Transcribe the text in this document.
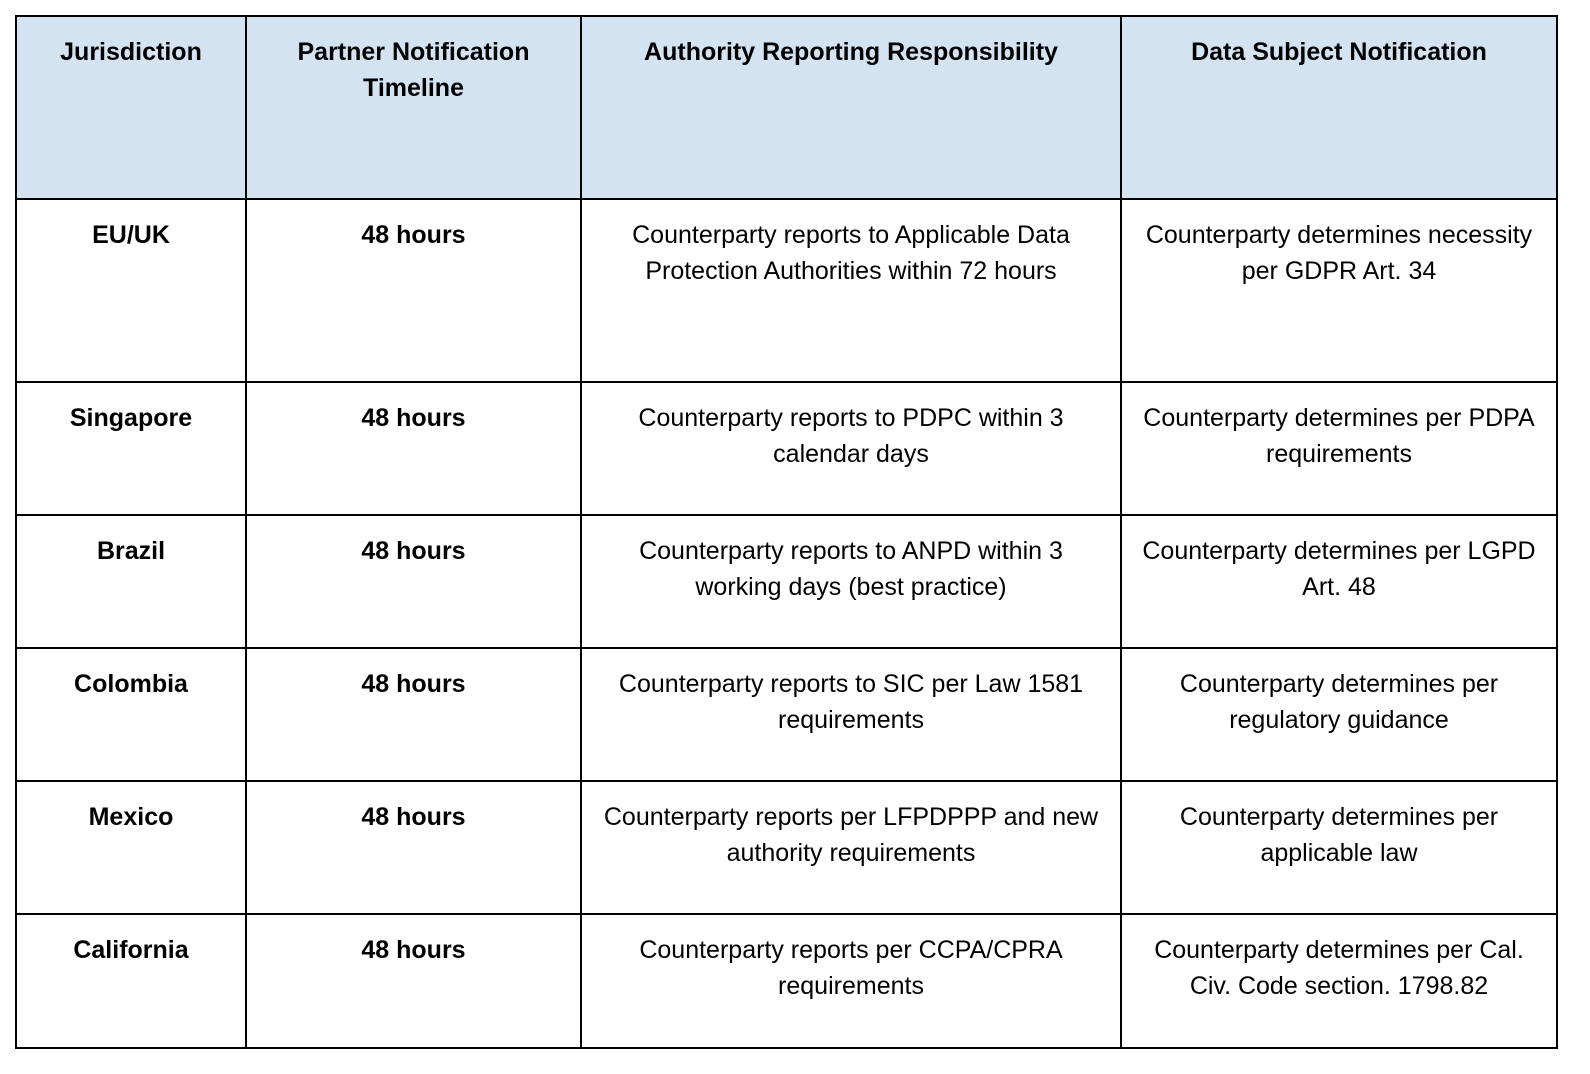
Jurisdiction	Partner Notification Timeline	Authority Reporting Responsibility	Data Subject Notification
EU/UK	48 hours	Counterparty reports to Applicable Data Protection Authorities within 72 hours	Counterparty determines necessity per GDPR Art. 34
Singapore	48 hours	Counterparty reports to PDPC within 3 calendar days	Counterparty determines per PDPA requirements
Brazil	48 hours	Counterparty reports to ANPD within 3 working days (best practice)	Counterparty determines per LGPD Art. 48
Colombia	48 hours	Counterparty reports to SIC per Law 1581 requirements	Counterparty determines per regulatory guidance
Mexico	48 hours	Counterparty reports per LFPDPPP and new authority requirements	Counterparty determines per applicable law
California	48 hours	Counterparty reports per CCPA/CPRA requirements	Counterparty determines per Cal. Civ. Code section. 1798.82
